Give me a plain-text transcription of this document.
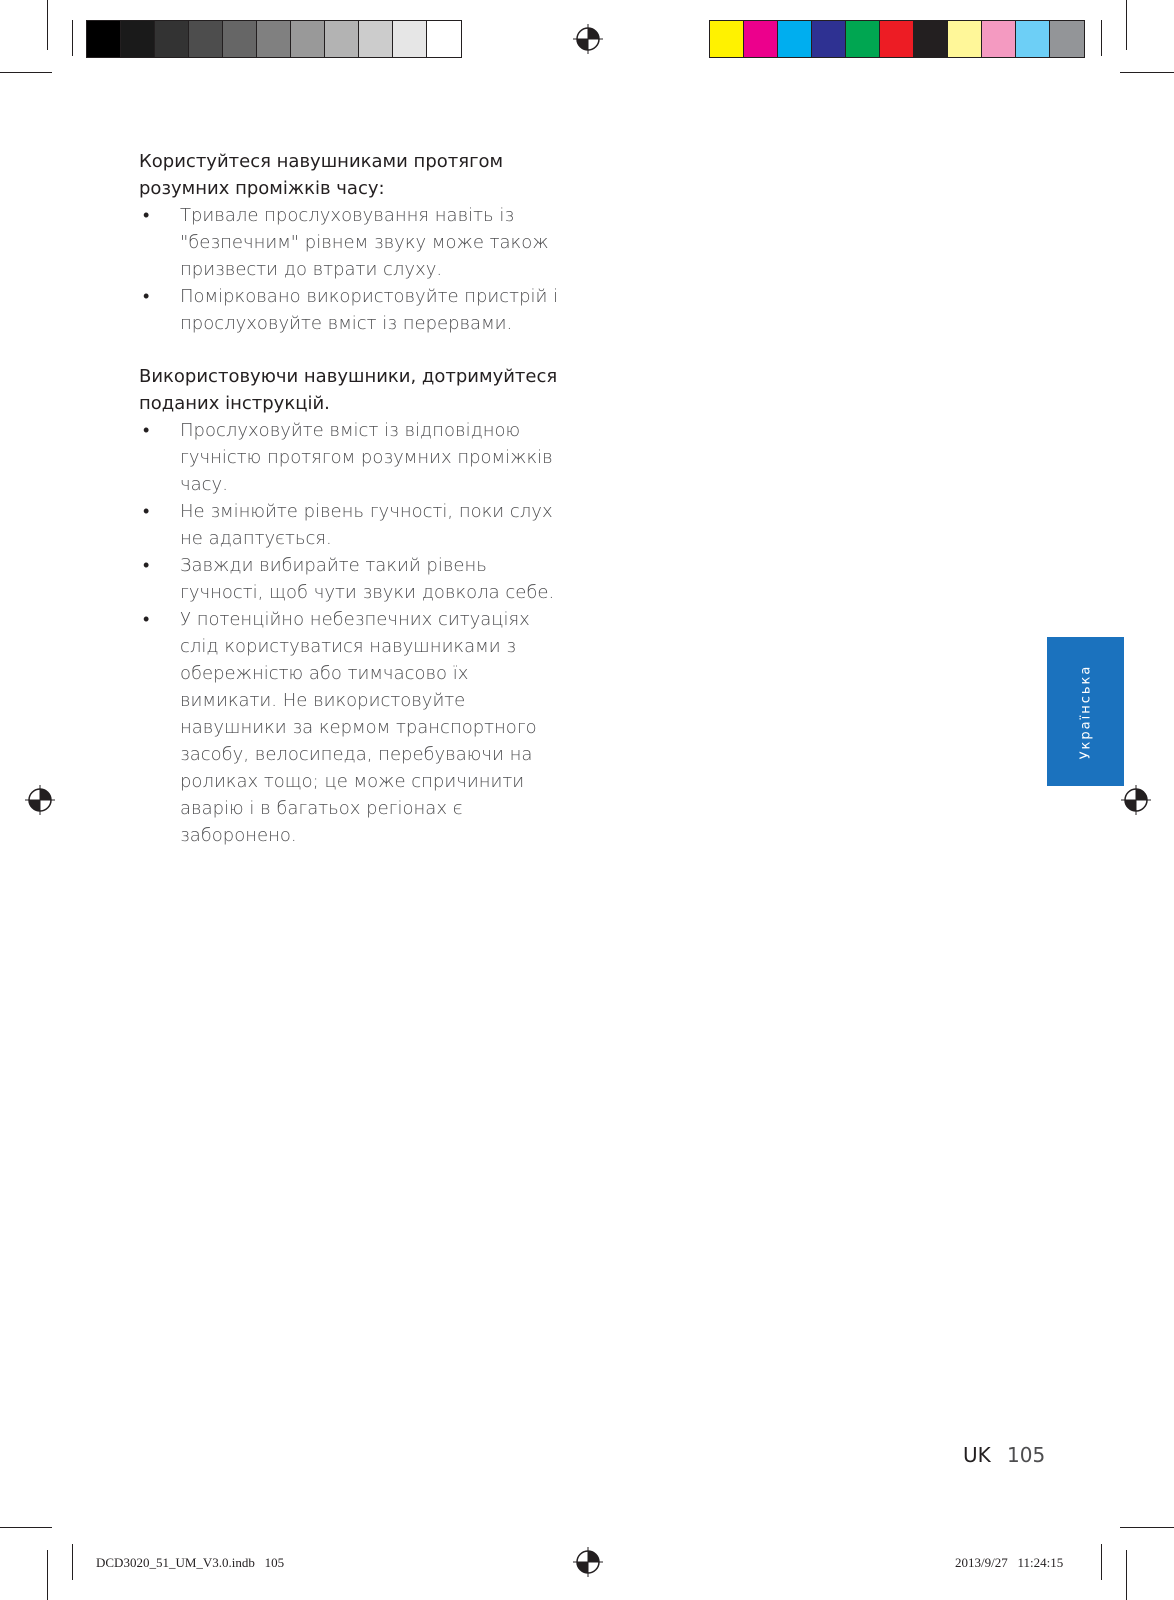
Користуйтеся навушниками протягом розумних проміжків часу:

• Тривале прослуховування навіть із "безпечним" рівнем звуку може також призвести до втрати слуху.
• Помірковано використовуйте пристрій і прослуховуйте вміст із перервами.

Використовуючи навушники, дотримуйтеся поданих інструкцій.

• Прослуховуйте вміст із відповідною гучністю протягом розумних проміжків часу.
• Не змінюйте рівень гучності, поки слух не адаптується.
• Завжди вибирайте такий рівень гучності, щоб чути звуки довкола себе.
• У потенційно небезпечних ситуаціях слід користуватися навушниками з обережністю або тимчасово їх вимикати. Не використовуйте навушники за кермом транспортного засобу, велосипеда, перебуваючи на роликах тощо; це може спричинити аварію і в багатьох регіонах є заборонено.
Українська
UK 105
DCD3020_51_UM_V3.0.indb   105	2013/9/27   11:24:15
